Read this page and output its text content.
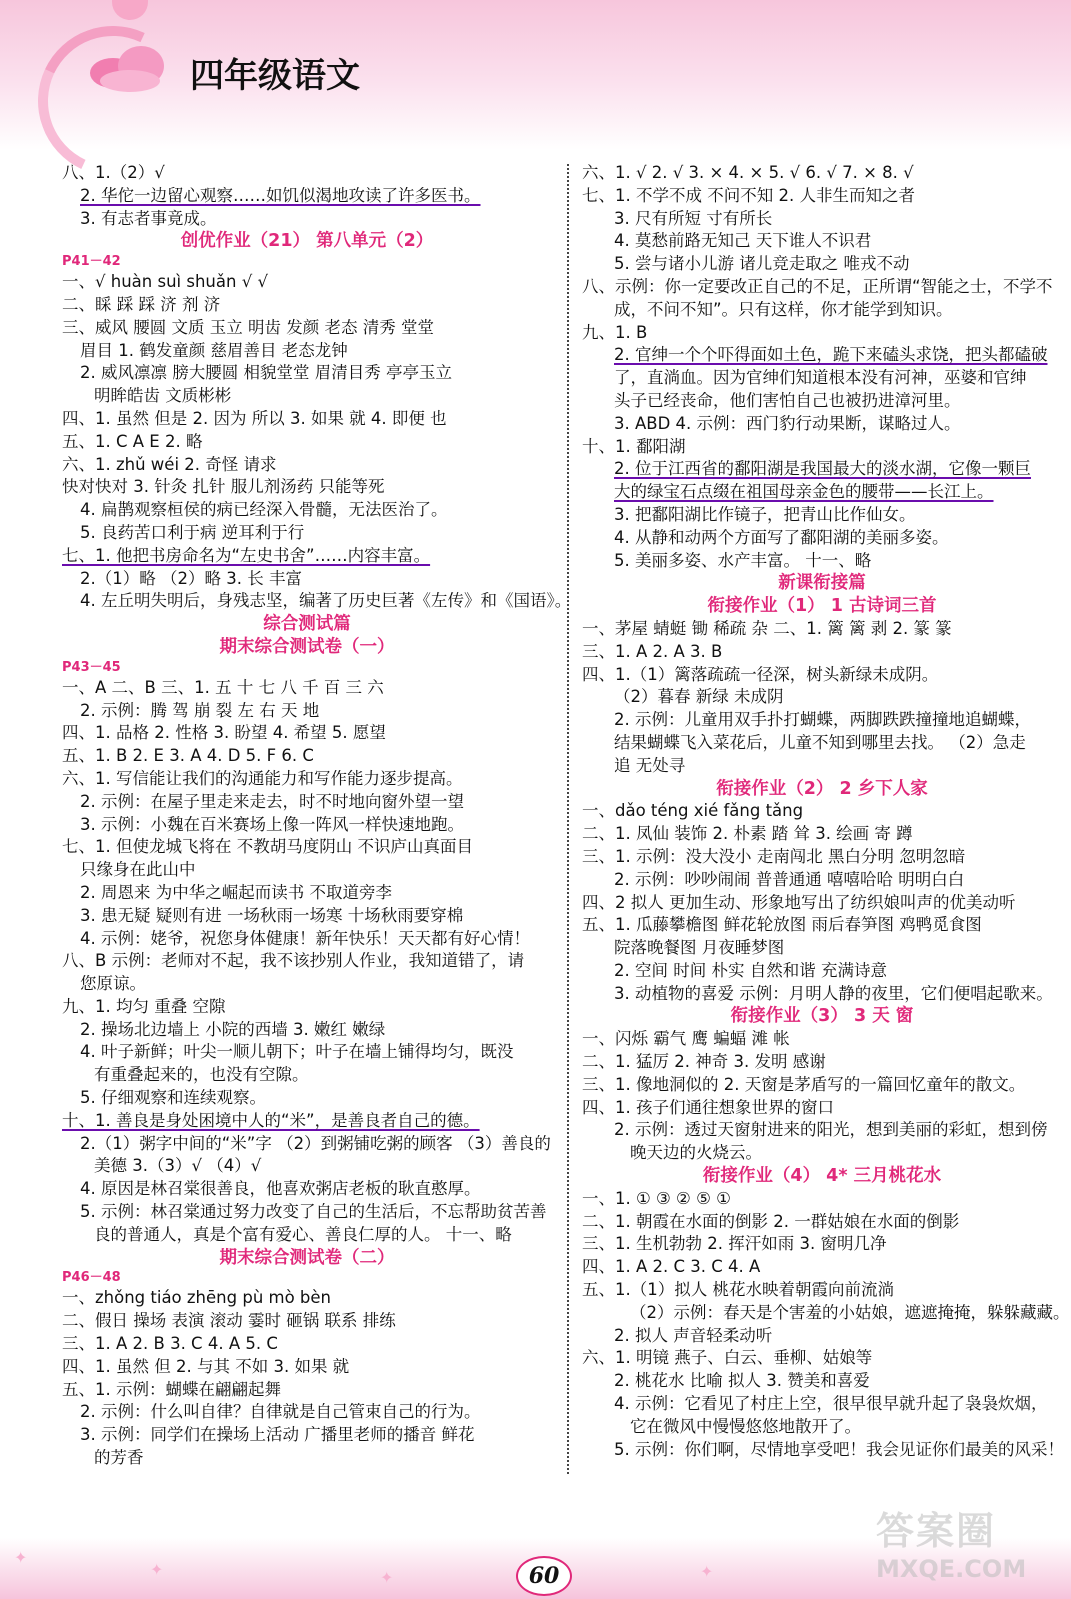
四年级语文
八、1.（2）√
2. 华佗一边留心观察……如饥似渴地攻读了许多医书。
3. 有志者事竟成。
创优作业（21） 第八单元（2）
P41－42
一、√ huàn suì shuǎn √ √
二、睬 踩 踩 济 剂 济
三、威风 腰圆 文质 玉立 明齿 发颜 老态 清秀 堂堂
眉目 1. 鹤发童颜 慈眉善目 老态龙钟
2. 威风凛凛 膀大腰圆 相貌堂堂 眉清目秀 亭亭玉立
明眸皓齿 文质彬彬
四、1. 虽然 但是 2. 因为 所以 3. 如果 就 4. 即便 也
五、1. C A E 2. 略
六、1. zhǔ wéi 2. 奇怪 请求
快对快对 3. 针灸 扎针 服儿剂汤药 只能等死
4. 扁鹊观察桓侯的病已经深入骨髓，无法医治了。
5. 良药苦口利于病 逆耳利于行
七、1. 他把书房命名为“左史书舍”……内容丰富。
2.（1）略 （2）略 3. 长 丰富
4. 左丘明失明后，身残志坚，编著了历史巨著《左传》和《国语》。
综合测试篇
期末综合测试卷（一）
P43－45
一、A 二、B 三、1. 五 十 七 八 千 百 三 六
2. 示例：腾 驾 崩 裂 左 右 天 地
四、1. 品格 2. 性格 3. 盼望 4. 希望 5. 愿望
五、1. B 2. E 3. A 4. D 5. F 6. C
六、1. 写信能让我们的沟通能力和写作能力逐步提高。
2. 示例：在屋子里走来走去，时不时地向窗外望一望
3. 示例：小魏在百米赛场上像一阵风一样快速地跑。
七、1. 但使龙城飞将在 不教胡马度阴山 不识庐山真面目
只缘身在此山中
2. 周恩来 为中华之崛起而读书 不取道旁李
3. 患无疑 疑则有进 一场秋雨一场寒 十场秋雨要穿棉
4. 示例：姥爷，祝您身体健康！新年快乐！天天都有好心情！
八、B 示例：老师对不起，我不该抄别人作业，我知道错了，请
您原谅。
九、1. 均匀 重叠 空隙
2. 操场北边墙上 小院的西墙 3. 嫩红 嫩绿
4. 叶子新鲜；叶尖一顺儿朝下；叶子在墙上铺得均匀，既没
有重叠起来的，也没有空隙。
5. 仔细观察和连续观察。
十、1. 善良是身处困境中人的“米”，是善良者自己的德。
2.（1）粥字中间的“米”字 （2）到粥铺吃粥的顾客 （3）善良的
美德 3.（3）√ （4）√
4. 原因是林召棠很善良，他喜欢粥店老板的耿直憨厚。
5. 示例：林召棠通过努力改变了自己的生活后，不忘帮助贫苦善
良的普通人，真是个富有爱心、善良仁厚的人。 十一、略
期末综合测试卷（二）
P46－48
一、zhǒng tiáo zhēng pù mò bèn
二、假日 操场 表演 滚动 霎时 砸锅 联系 排练
三、1. A 2. B 3. C 4. A 5. C
四、1. 虽然 但 2. 与其 不如 3. 如果 就
五、1. 示例：蝴蝶在翩翩起舞
2. 示例：什么叫自律？自律就是自己管束自己的行为。
3. 示例：同学们在操场上活动 广播里老师的播音 鲜花
的芳香
六、1. √ 2. √ 3. × 4. × 5. √ 6. √ 7. × 8. √
七、1. 不学不成 不问不知 2. 人非生而知之者
3. 尺有所短 寸有所长
4. 莫愁前路无知己 天下谁人不识君
5. 尝与诸小儿游 诸儿竞走取之 唯戎不动
八、示例：你一定要改正自己的不足，正所谓“智能之士，不学不
成，不问不知”。只有这样，你才能学到知识。
九、1. B
2. 官绅一个个吓得面如土色，跪下来磕头求饶，把头都磕破
了，直淌血。因为官绅们知道根本没有河神，巫婆和官绅
头子已经丧命，他们害怕自己也被扔进漳河里。
3. ABD 4. 示例：西门豹行动果断，谋略过人。
十、1. 鄱阳湖
2. 位于江西省的鄱阳湖是我国最大的淡水湖，它像一颗巨
大的绿宝石点缀在祖国母亲金色的腰带——长江上。
3. 把鄱阳湖比作镜子，把青山比作仙女。
4. 从静和动两个方面写了鄱阳湖的美丽多姿。
5. 美丽多姿、水产丰富。 十一、略
新课衔接篇
衔接作业（1） 1 古诗词三首
一、茅屋 蜻蜓 锄 稀疏 杂 二、1. 篱 篱 剥 2. 篆 篆
三、1. A 2. A 3. B
四、1.（1）篱落疏疏一径深，树头新绿未成阴。
（2）暮春 新绿 未成阴
2. 示例：儿童用双手扑打蝴蝶，两脚跌跌撞撞地追蝴蝶，
结果蝴蝶飞入菜花后，儿童不知到哪里去找。 （2）急走
追 无处寻
衔接作业（2） 2 乡下人家
一、dǎo téng xié fǎng tǎng
二、1. 凤仙 装饰 2. 朴素 踏 耸 3. 绘画 寄 蹲
三、1. 示例：没大没小 走南闯北 黑白分明 忽明忽暗
2. 示例：吵吵闹闹 普普通通 嘻嘻哈哈 明明白白
四、2 拟人 更加生动、形象地写出了纺织娘叫声的优美动听
五、1. 瓜藤攀檐图 鲜花轮放图 雨后春笋图 鸡鸭觅食图
院落晚餐图 月夜睡梦图
2. 空间 时间 朴实 自然和谐 充满诗意
3. 动植物的喜爱 示例：月明人静的夜里，它们便唱起歌来。
衔接作业（3） 3 天 窗
一、闪烁 霸气 鹰 蝙蝠 滩 帐
二、1. 猛厉 2. 神奇 3. 发明 感谢
三、1. 像地洞似的 2. 天窗是茅盾写的一篇回忆童年的散文。
四、1. 孩子们通往想象世界的窗口
2. 示例：透过天窗射进来的阳光，想到美丽的彩虹，想到傍
晚天边的火烧云。
衔接作业（4） 4* 三月桃花水
一、1. ① ③ ② ⑤ ①
二、1. 朝霞在水面的倒影 2. 一群姑娘在水面的倒影
三、1. 生机勃勃 2. 挥汗如雨 3. 窗明几净
四、1. A 2. C 3. C 4. A
五、1.（1）拟人 桃花水映着朝霞向前流淌
（2）示例：春天是个害羞的小姑娘，遮遮掩掩，躲躲藏藏。
2. 拟人 声音轻柔动听
六、1. 明镜 燕子、白云、垂柳、姑娘等
2. 桃花水 比喻 拟人 3. 赞美和喜爱
4. 示例：它看见了村庄上空，很早很早就升起了袅袅炊烟，
它在微风中慢慢悠悠地散开了。
5. 示例：你们啊，尽情地享受吧！我会见证你们最美的风采！
✦
✦	✦	✦
60
答案圈
MXQE.COM
